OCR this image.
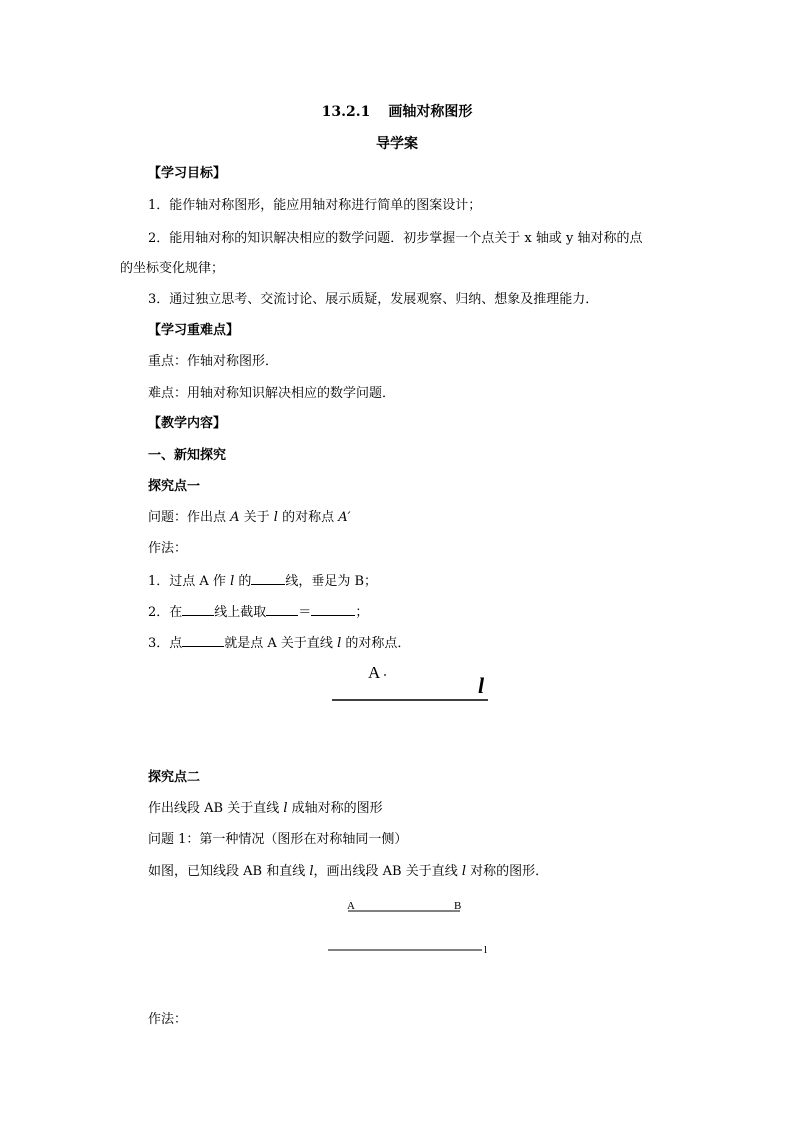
13.2.1 画轴对称图形
导学案
【学习目标】
1．能作轴对称图形，能应用轴对称进行简单的图案设计；
2．能用轴对称的知识解决相应的数学问题．初步掌握一个点关于 x 轴或 y 轴对称的点
的坐标变化规律；
3．通过独立思考、交流讨论、展示质疑，发展观察、归纳、想象及推理能力．
【学习重难点】
重点：作轴对称图形．
难点：用轴对称知识解决相应的数学问题．
【教学内容】
一、新知探究
探究点一
问题：作出点 A 关于 l 的对称点 A′
作法：
1．过点 A 作 l 的	线，垂足为 B；
2．在 线上截取 ＝	；
3．点	就是点 A 关于直线 l 的对称点．
A
l
探究点二
作出线段 AB 关于直线 l 成轴对称的图形
问题 1：第一种情况（图形在对称轴同一侧）
如图，已知线段 AB 和直线 l，画出线段 AB 关于直线 l 对称的图形．
A	B
l
作法：
